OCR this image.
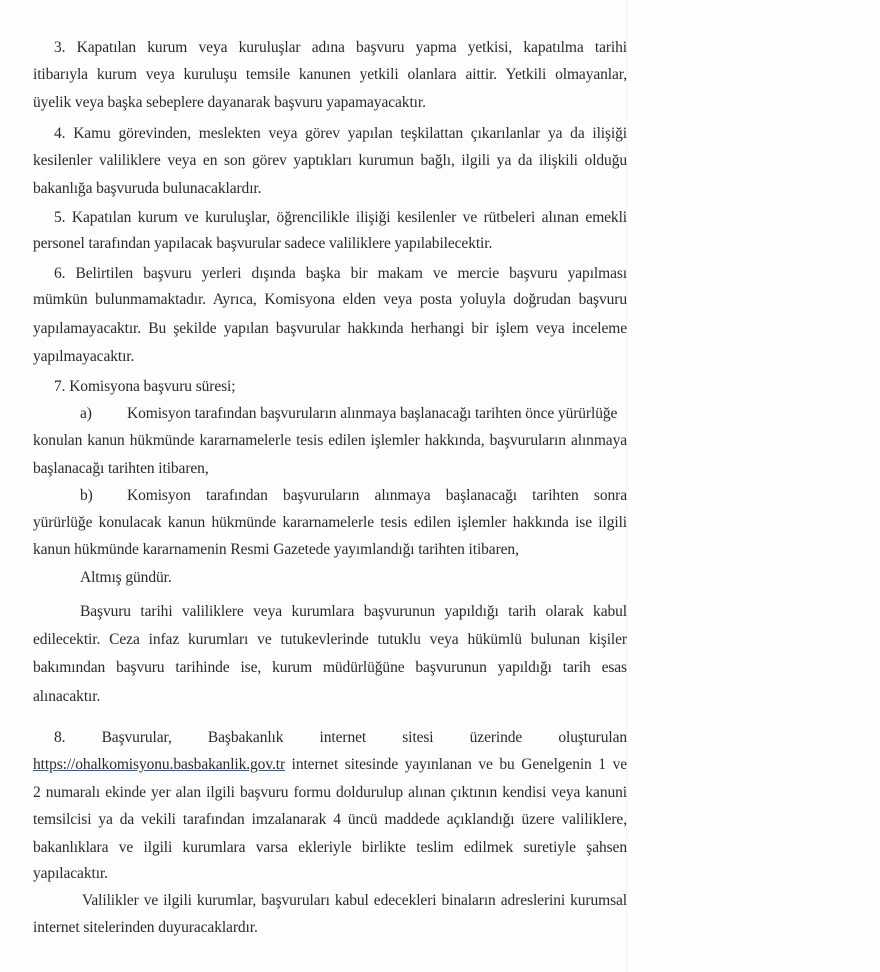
3. Kapatılan kurum veya kuruluşlar adına başvuru yapma yetkisi, kapatılma tarihi
itibarıyla kurum veya kuruluşu temsile kanunen yetkili olanlara aittir. Yetkili olmayanlar,
üyelik veya başka sebeplere dayanarak başvuru yapamayacaktır.
4. Kamu görevinden, meslekten veya görev yapılan teşkilattan çıkarılanlar ya da ilişiği
kesilenler valiliklere veya en son görev yaptıkları kurumun bağlı, ilgili ya da ilişkili olduğu
bakanlığa başvuruda bulunacaklardır.
5. Kapatılan kurum ve kuruluşlar, öğrencilikle ilişiği kesilenler ve rütbeleri alınan emekli
personel tarafından yapılacak başvurular sadece valiliklere yapılabilecektir.
6. Belirtilen başvuru yerleri dışında başka bir makam ve mercie başvuru yapılması
mümkün bulunmamaktadır. Ayrıca, Komisyona elden veya posta yoluyla doğrudan başvuru
yapılamayacaktır. Bu şekilde yapılan başvurular hakkında herhangi bir işlem veya inceleme
yapılmayacaktır.
7. Komisyona başvuru süresi;
a) Komisyon tarafından başvuruların alınmaya başlanacağı tarihten önce yürürlüğe
konulan kanun hükmünde kararnamelerle tesis edilen işlemler hakkında, başvuruların alınmaya
başlanacağı tarihten itibaren,
b)	Komisyon tarafından başvuruların alınmaya başlanacağı tarihten sonra
yürürlüğe konulacak kanun hükmünde kararnamelerle tesis edilen işlemler hakkında ise ilgili
kanun hükmünde kararnamenin Resmi Gazetede yayımlandığı tarihten itibaren,
Altmış gündür.
Başvuru tarihi valiliklere veya kurumlara başvurunun yapıldığı tarih olarak kabul
edilecektir. Ceza infaz kurumları ve tutukevlerinde tutuklu veya hükümlü bulunan kişiler
bakımından başvuru tarihinde ise, kurum müdürlüğüne başvurunun yapıldığı tarih esas
alınacaktır.
8. Başvurular, Başbakanlık internet sitesi üzerinde oluşturulan
https://ohalkomisyonu.basbakanlik.gov.tr internet sitesinde yayınlanan ve bu Genelgenin 1 ve
2 numaralı ekinde yer alan ilgili başvuru formu doldurulup alınan çıktının kendisi veya kanuni
temsilcisi ya da vekili tarafından imzalanarak 4 üncü maddede açıklandığı üzere valiliklere,
bakanlıklara ve ilgili kurumlara varsa ekleriyle birlikte teslim edilmek suretiyle şahsen
yapılacaktır.
Valilikler ve ilgili kurumlar, başvuruları kabul edecekleri binaların adreslerini kurumsal
internet sitelerinden duyuracaklardır.
